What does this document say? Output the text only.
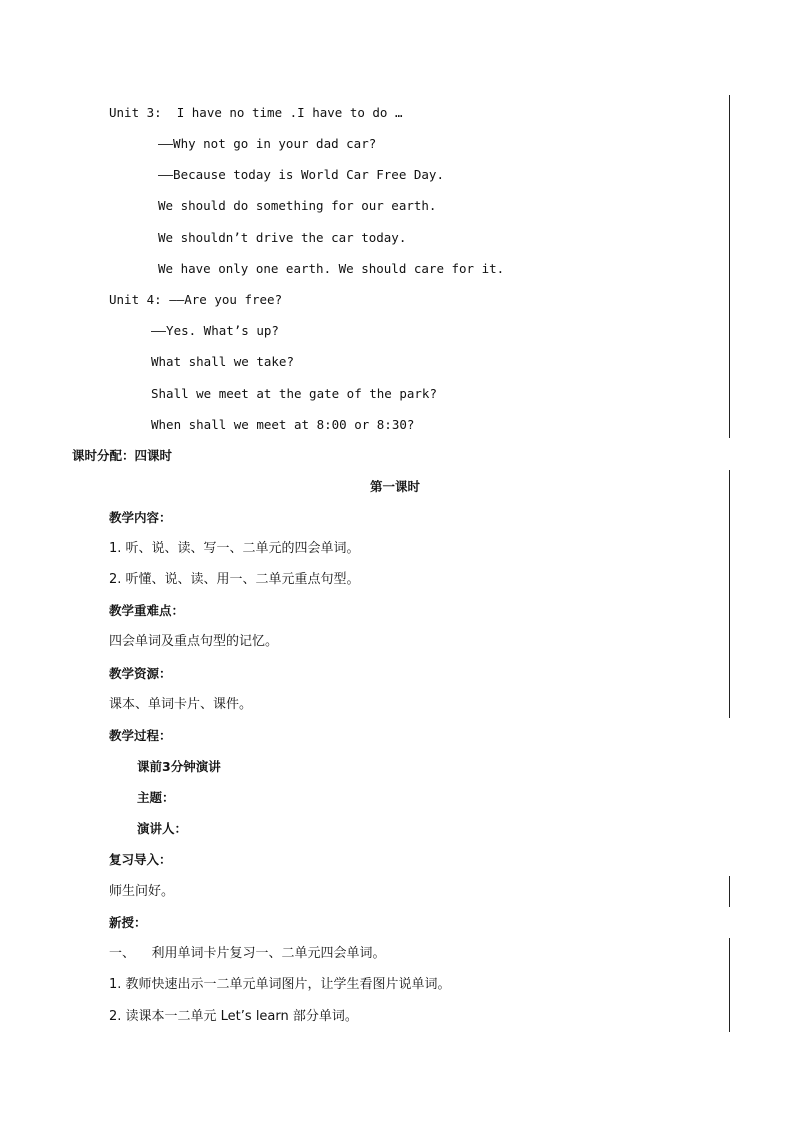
Unit 3:  I have no time .I have to do …
——Why not go in your dad car?
——Because today is World Car Free Day.
We should do something for our earth.
We shouldn’t drive the car today.
We have only one earth. We should care for it.
Unit 4: ——Are you free?
——Yes. What’s up?
What shall we take?
Shall we meet at the gate of the park?
When shall we meet at 8:00 or 8:30?
课时分配：四课时
第一课时
教学内容：
1. 听、说、读、写一、二单元的四会单词。
2. 听懂、说、读、用一、二单元重点句型。
教学重难点：
四会单词及重点句型的记忆。
教学资源：
课本、单词卡片、课件。
教学过程：
课前3分钟演讲
主题：
演讲人：
复习导入：
师生问好。
新授：
一、    利用单词卡片复习一、二单元四会单词。
1. 教师快速出示一二单元单词图片，让学生看图片说单词。
2. 读课本一二单元 Let’s learn 部分单词。
